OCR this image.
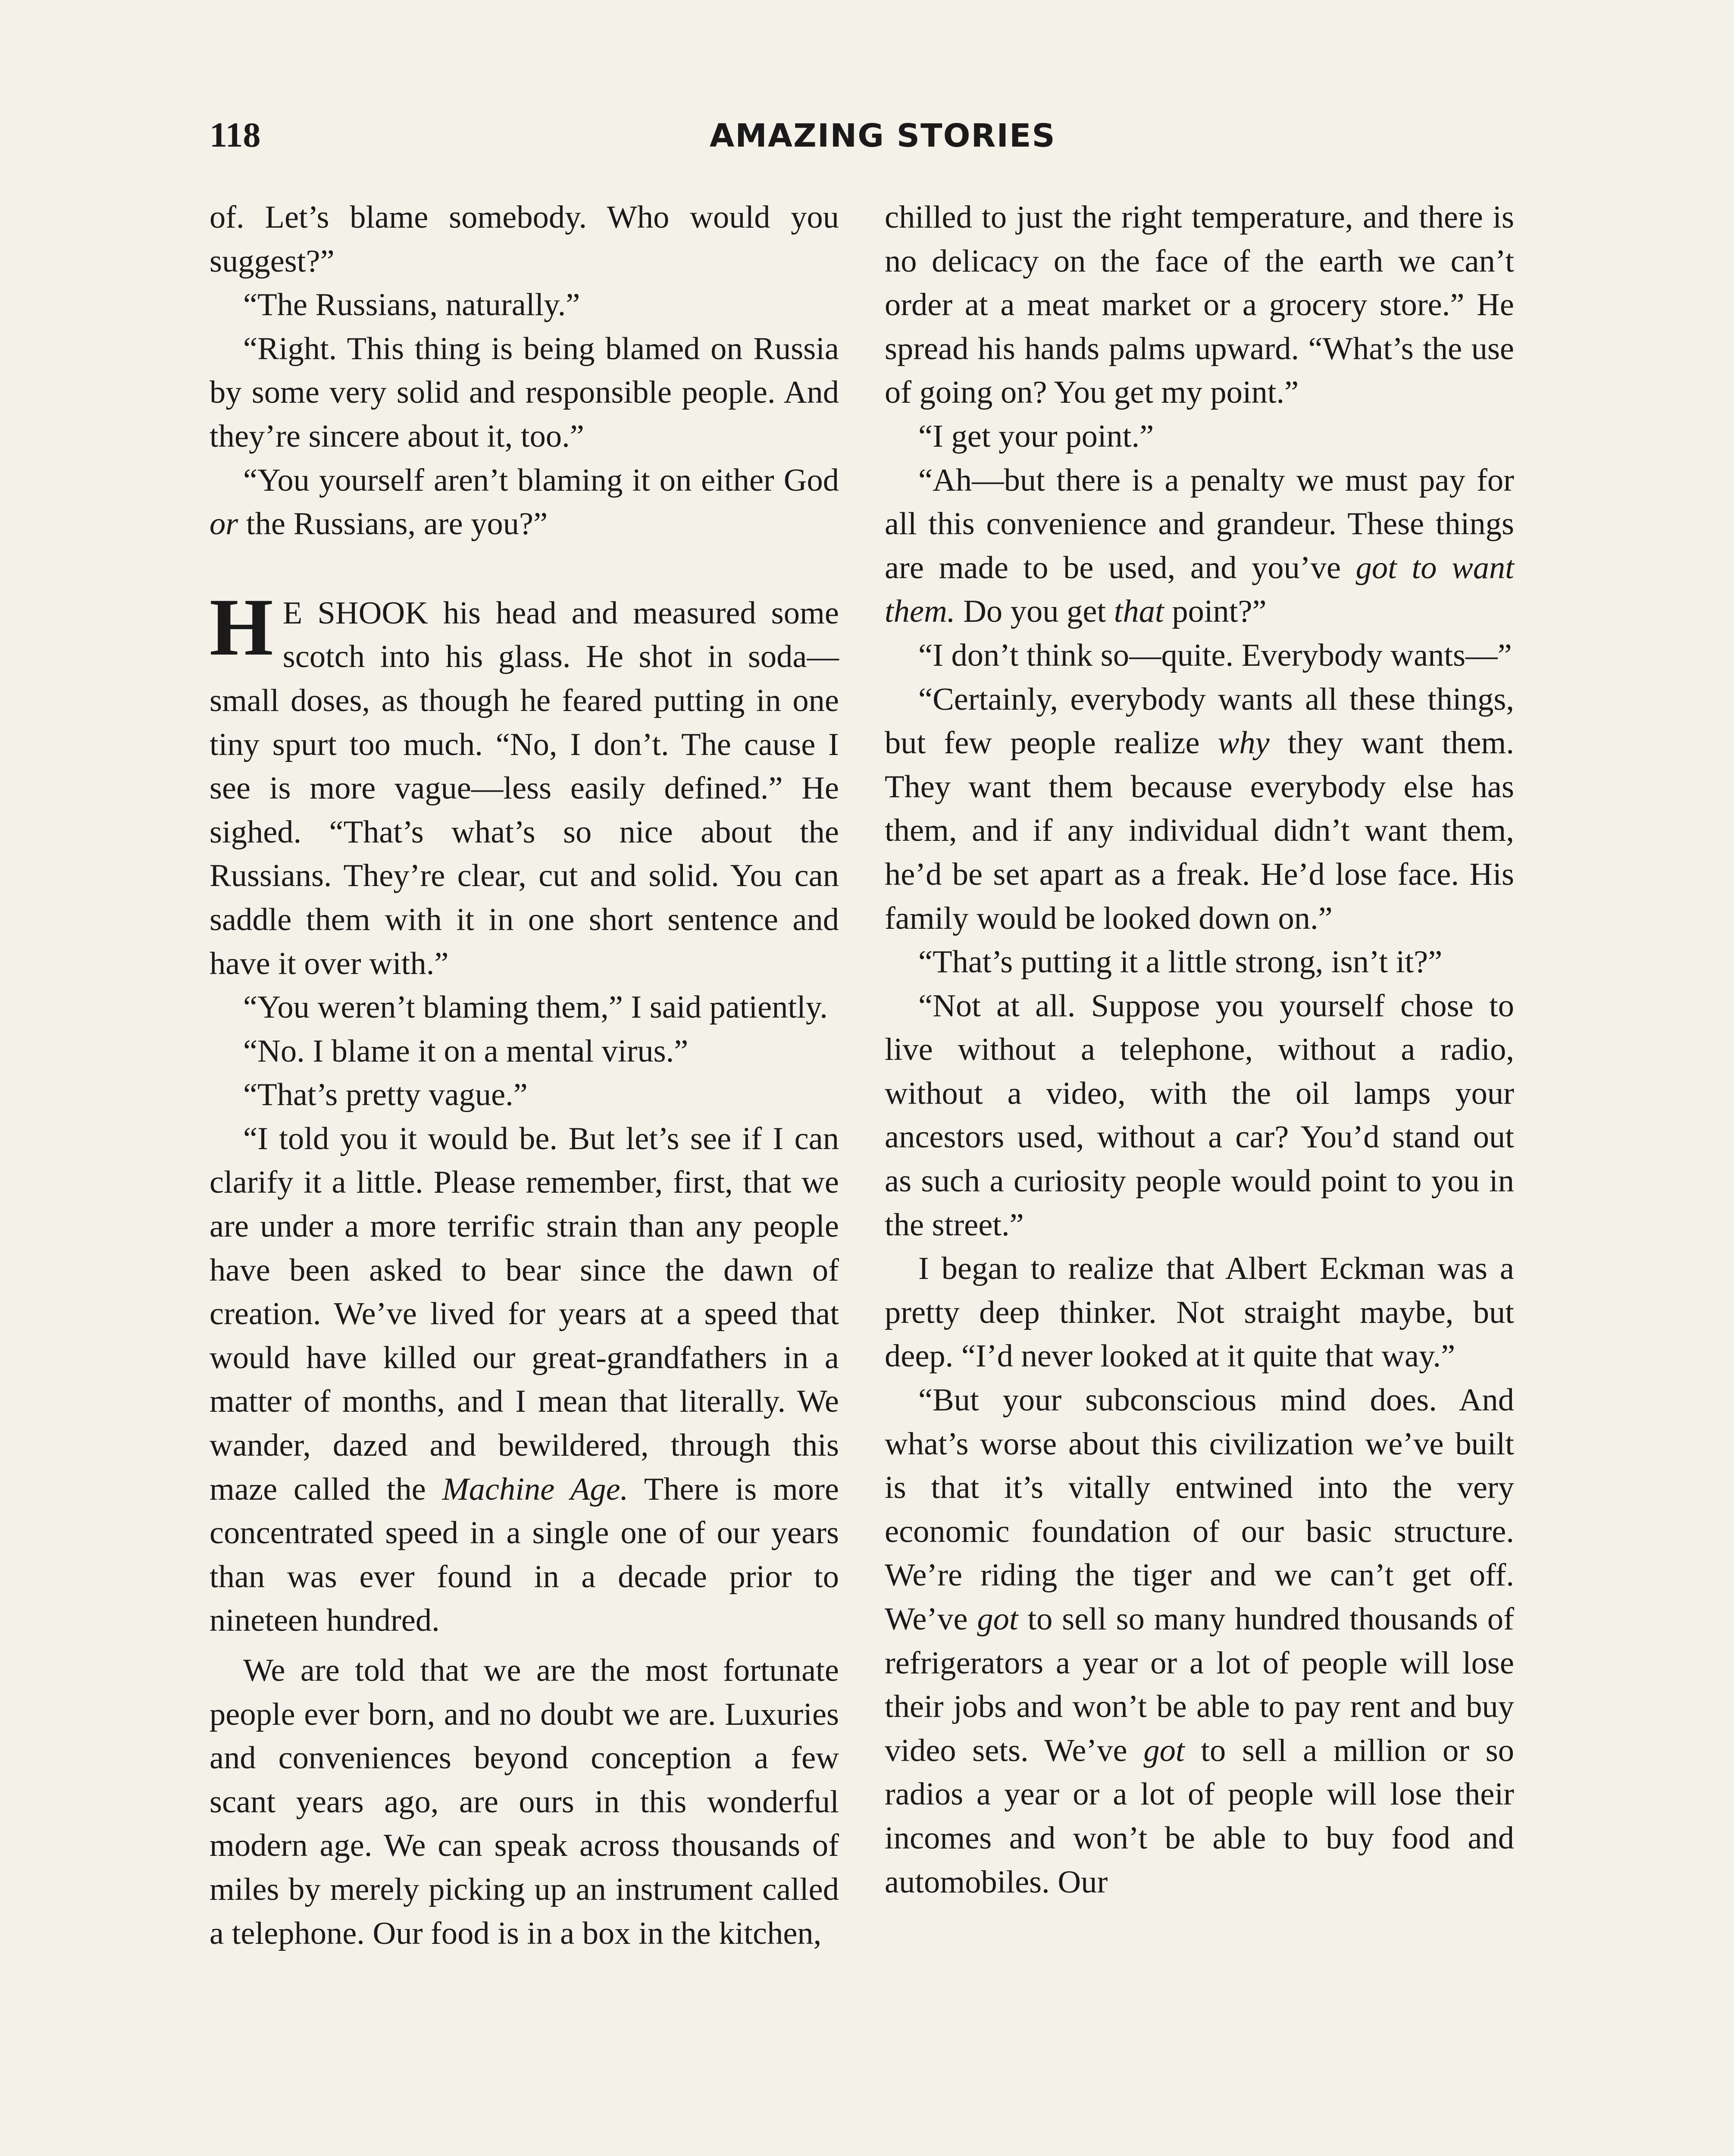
118	AMAZING STORIES

of. Let’s blame somebody. Who would you suggest?”

“The Russians, naturally.”

“Right. This thing is being blamed on Russia by some very solid and responsible people. And they’re sincere about it, too.”

“You yourself aren’t blaming it on either God or the Russians, are you?”

H E SHOOK his head and measured some scotch into his glass. He shot in soda—small doses, as though he feared putting in one tiny spurt too much. “No, I don’t. The cause I see is more vague—less easily defined.” He sighed. “That’s what’s so nice about the Russians. They’re clear, cut and solid. You can saddle them with it in one short sentence and have it over with.”

“You weren’t blaming them,” I said patiently.

“No. I blame it on a mental virus.”

“That’s pretty vague.”

“I told you it would be. But let’s see if I can clarify it a little. Please remember, first, that we are under a more terrific strain than any people have been asked to bear since the dawn of creation. We’ve lived for years at a speed that would have killed our great-grandfathers in a matter of months, and I mean that literally. We wander, dazed and bewildered, through this maze called the Machine Age. There is more concentrated speed in a single one of our years than was ever found in a decade prior to nineteen hundred.

We are told that we are the most fortunate people ever born, and no doubt we are. Luxuries and conveniences beyond conception a few scant years ago, are ours in this wonderful modern age. We can speak across thousands of miles by merely picking up an instrument called a telephone. Our food is in a box in the kitchen,

chilled to just the right temperature, and there is no delicacy on the face of the earth we can’t order at a meat market or a grocery store.” He spread his hands palms upward. “What’s the use of going on? You get my point.”

“I get your point.”

“Ah—but there is a penalty we must pay for all this convenience and grandeur. These things are made to be used, and you’ve got to want them. Do you get that point?”

“I don’t think so—quite. Everybody wants—”

“Certainly, everybody wants all these things, but few people realize why they want them. They want them because everybody else has them, and if any individual didn’t want them, he’d be set apart as a freak. He’d lose face. His family would be looked down on.”

“That’s putting it a little strong, isn’t it?”

“Not at all. Suppose you yourself chose to live without a telephone, without a radio, without a video, with the oil lamps your ancestors used, without a car? You’d stand out as such a curiosity people would point to you in the street.”

I began to realize that Albert Eckman was a pretty deep thinker. Not straight maybe, but deep. “I’d never looked at it quite that way.”

“But your subconscious mind does. And what’s worse about this civilization we’ve built is that it’s vitally entwined into the very economic foundation of our basic structure. We’re riding the tiger and we can’t get off. We’ve got to sell so many hundred thousands of refrigerators a year or a lot of people will lose their jobs and won’t be able to pay rent and buy video sets. We’ve got to sell a million or so radios a year or a lot of people will lose their incomes and won’t be able to buy food and automobiles. Our
